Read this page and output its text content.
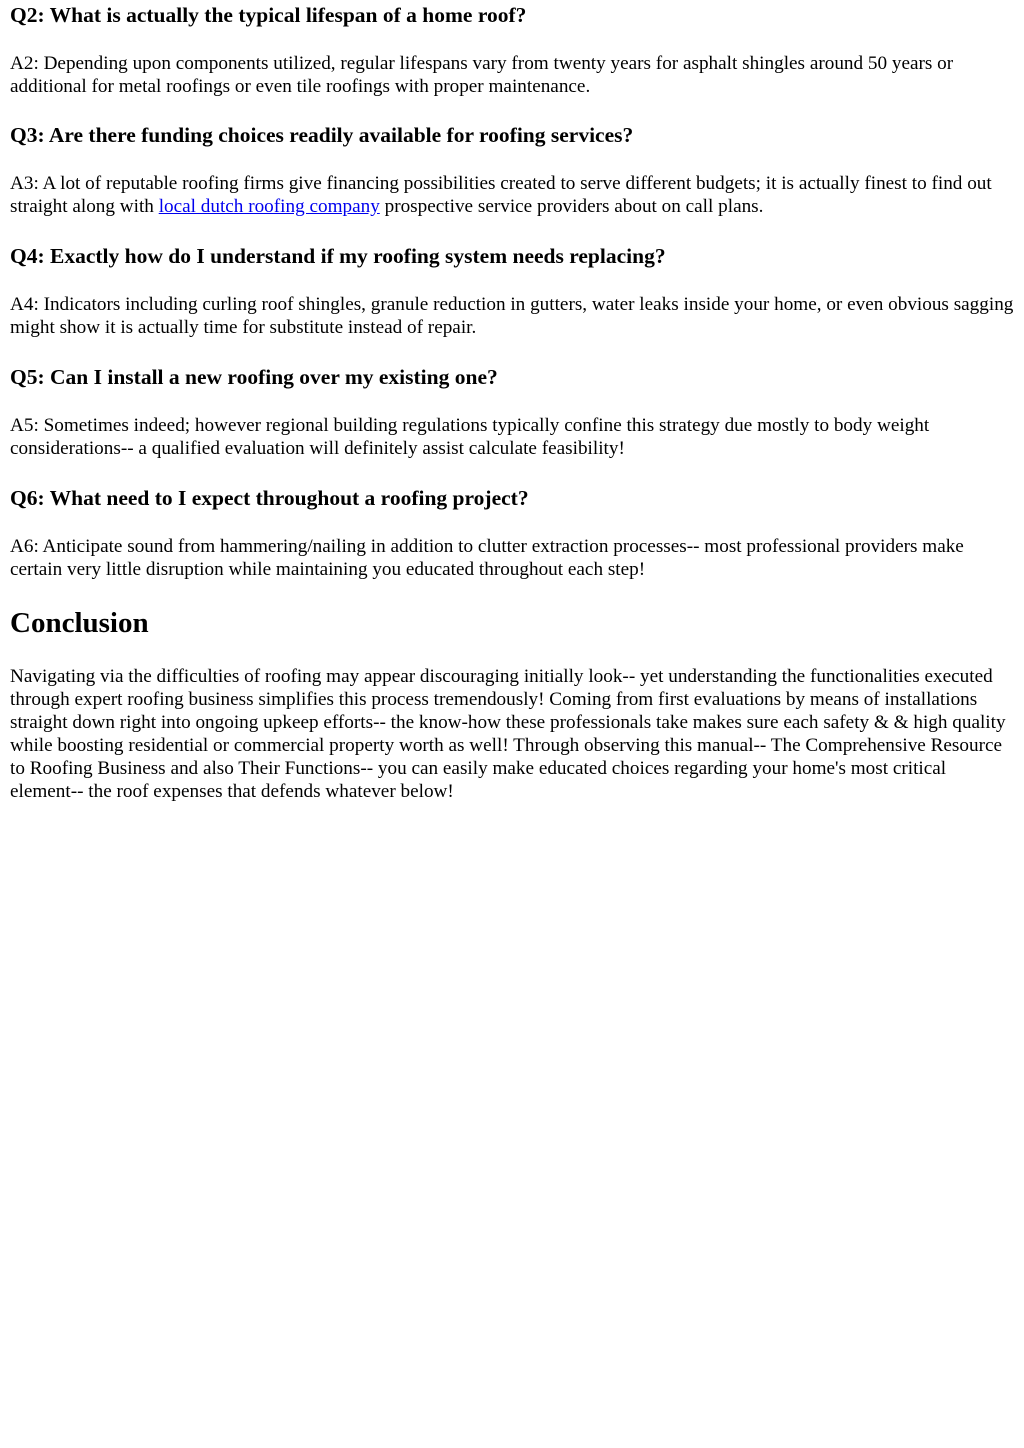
Q2: What is actually the typical lifespan of a home roof?

A2: Depending upon components utilized, regular lifespans vary from twenty years for asphalt shingles around 50 years or additional for metal roofings or even tile roofings with proper maintenance.

Q3: Are there funding choices readily available for roofing services?

A3: A lot of reputable roofing firms give financing possibilities created to serve different budgets; it is actually finest to find out straight along with local dutch roofing company prospective service providers about on call plans.

Q4: Exactly how do I understand if my roofing system needs replacing?

A4: Indicators including curling roof shingles, granule reduction in gutters, water leaks inside your home, or even obvious sagging might show it is actually time for substitute instead of repair.

Q5: Can I install a new roofing over my existing one?

A5: Sometimes indeed; however regional building regulations typically confine this strategy due mostly to body weight considerations-- a qualified evaluation will definitely assist calculate feasibility!

Q6: What need to I expect throughout a roofing project?

A6: Anticipate sound from hammering/nailing in addition to clutter extraction processes-- most professional providers make certain very little disruption while maintaining you educated throughout each step!

Conclusion

Navigating via the difficulties of roofing may appear discouraging initially look-- yet understanding the functionalities executed through expert roofing business simplifies this process tremendously! Coming from first evaluations by means of installations straight down right into ongoing upkeep efforts-- the know-how these professionals take makes sure each safety & & high quality while boosting residential or commercial property worth as well! Through observing this manual-- The Comprehensive Resource to Roofing Business and also Their Functions-- you can easily make educated choices regarding your home's most critical element-- the roof expenses that defends whatever below!
